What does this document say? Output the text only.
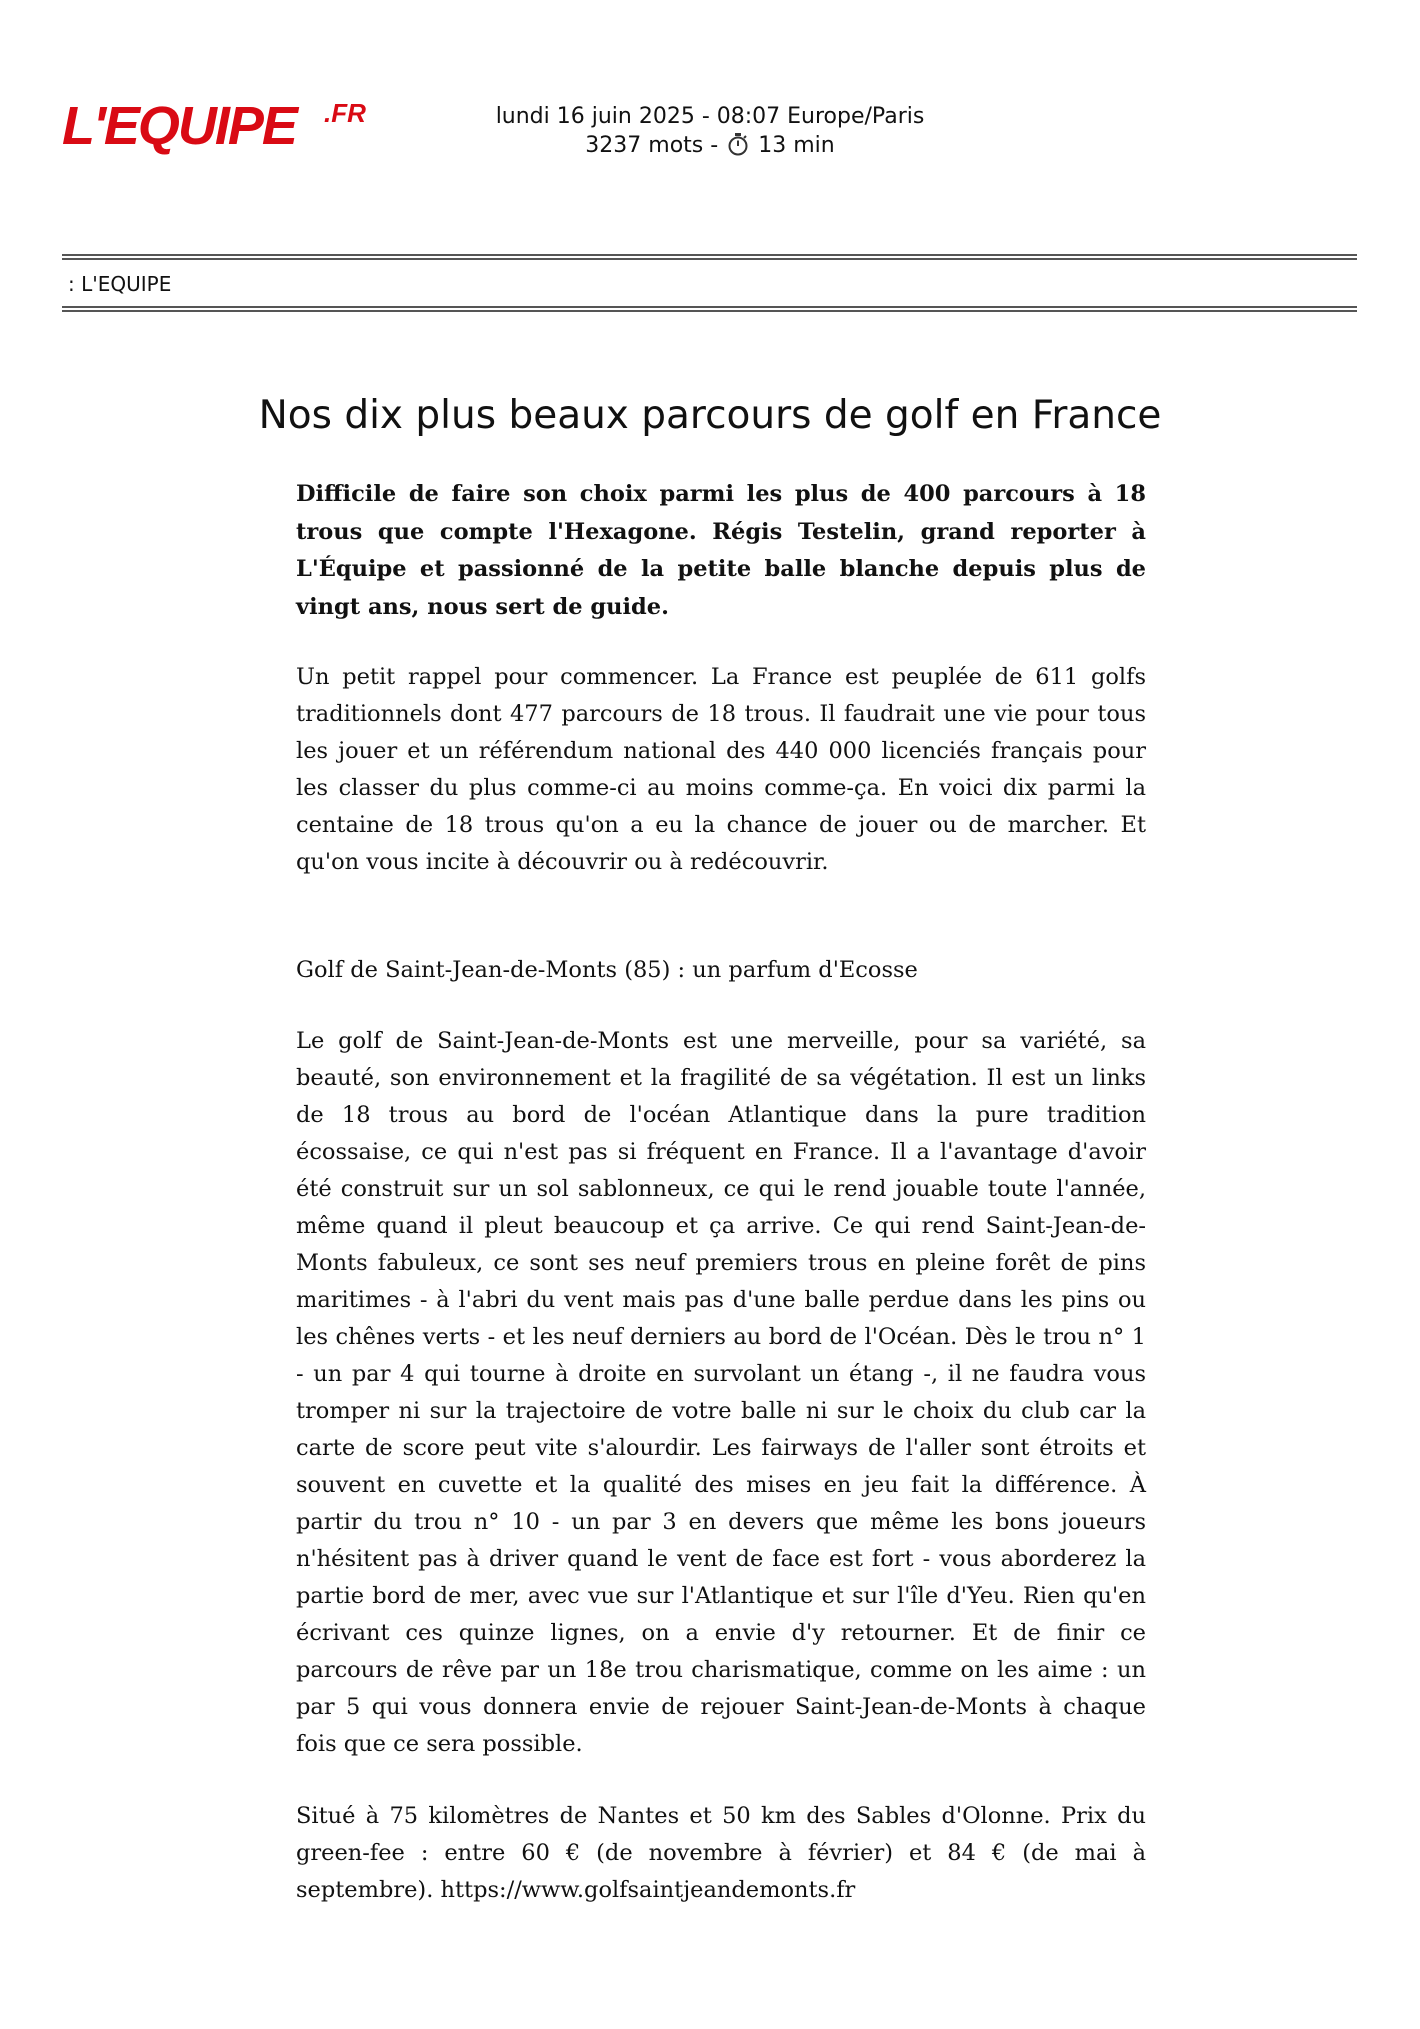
L'EQUIPE .FR	lundi 16 juin 2025 - 08:07 Europe/Paris
3237 mots - 13 min
: L'EQUIPE
Nos dix plus beaux parcours de golf en France

Difficile de faire son choix parmi les plus de 400 parcours à 18 trous que compte l'Hexagone. Régis Testelin, grand reporter à L'Équipe et passionné de la petite balle blanche depuis plus de vingt ans, nous sert de guide.

Un petit rappel pour commencer. La France est peuplée de 611 golfs traditionnels dont 477 parcours de 18 trous. Il faudrait une vie pour tous les jouer et un référendum national des 440 000 licenciés français pour les classer du plus comme-ci au moins comme-ça. En voici dix parmi la centaine de 18 trous qu'on a eu la chance de jouer ou de marcher. Et qu'on vous incite à découvrir ou à redécouvrir.

Golf de Saint-Jean-de-Monts (85) : un parfum d'Ecosse

Le golf de Saint-Jean-de-Monts est une merveille, pour sa variété, sa beauté, son environnement et la fragilité de sa végétation. Il est un links de 18 trous au bord de l'océan Atlantique dans la pure tradition écossaise, ce qui n'est pas si fréquent en France. Il a l'avantage d'avoir été construit sur un sol sablonneux, ce qui le rend jouable toute l'année, même quand il pleut beaucoup et ça arrive. Ce qui rend Saint-Jean-de-Monts fabuleux, ce sont ses neuf premiers trous en pleine forêt de pins maritimes - à l'abri du vent mais pas d'une balle perdue dans les pins ou les chênes verts - et les neuf derniers au bord de l'Océan. Dès le trou n° 1 - un par 4 qui tourne à droite en survolant un étang -, il ne faudra vous tromper ni sur la trajectoire de votre balle ni sur le choix du club car la carte de score peut vite s'alourdir. Les fairways de l'aller sont étroits et souvent en cuvette et la qualité des mises en jeu fait la différence. À partir du trou n° 10 - un par 3 en devers que même les bons joueurs n'hésitent pas à driver quand le vent de face est fort - vous aborderez la partie bord de mer, avec vue sur l'Atlantique et sur l'île d'Yeu. Rien qu'en écrivant ces quinze lignes, on a envie d'y retourner. Et de finir ce parcours de rêve par un 18e trou charismatique, comme on les aime : un par 5 qui vous donnera envie de rejouer Saint-Jean-de-Monts à chaque fois que ce sera possible.

Situé à 75 kilomètres de Nantes et 50 km des Sables d'Olonne. Prix du green-fee : entre 60 € (de novembre à février) et 84 € (de mai à septembre). https://www.golfsaintjeandemonts.fr
